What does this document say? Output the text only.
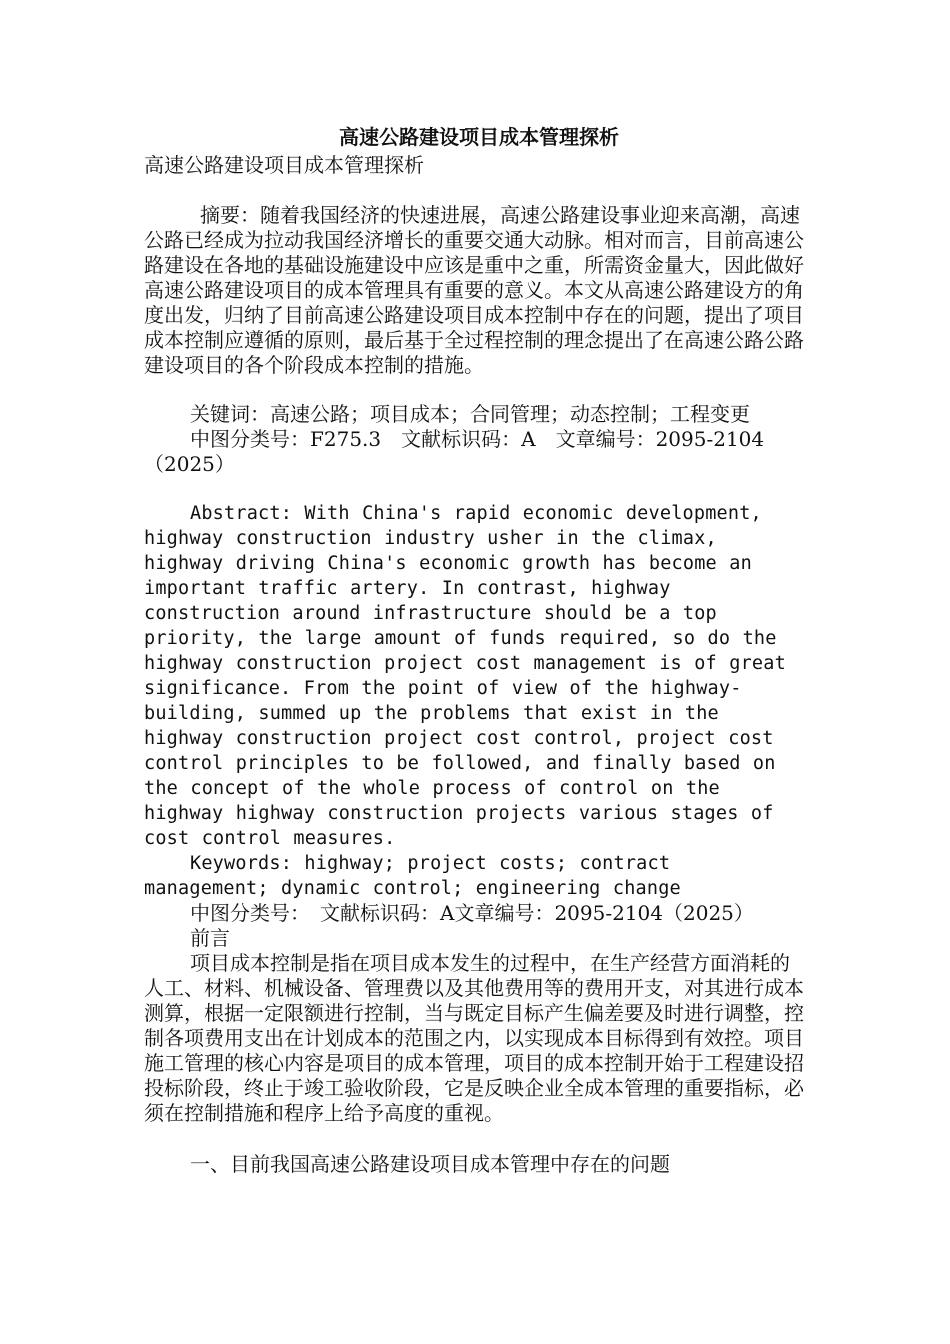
高速公路建设项目成本管理探析

高速公路建设项目成本管理探析

摘要：随着我国经济的快速进展，高速公路建设事业迎来高潮，高速公路已经成为拉动我国经济增长的重要交通大动脉。相对而言，目前高速公路建设在各地的基础设施建设中应该是重中之重，所需资金量大，因此做好高速公路建设项目的成本管理具有重要的意义。本文从高速公路建设方的角度出发，归纳了目前高速公路建设项目成本控制中存在的问题，提出了项目成本控制应遵循的原则，最后基于全过程控制的理念提出了在高速公路公路建设项目的各个阶段成本控制的措施。

关键词：高速公路；项目成本；合同管理；动态控制；工程变更

中图分类号：F275.3　文献标识码：A　文章编号：2095-2104（2025）

Abstract: With China's rapid economic development, highway construction industry usher in the climax, highway driving China's economic growth has become an important traffic artery. In contrast, highway construction around infrastructure should be a top priority, the large amount of funds required, so do the highway construction project cost management is of great significance. From the point of view of the highway-building, summed up the problems that exist in the highway construction project cost control, project cost control principles to be followed, and finally based on the concept of the whole process of control on the highway highway construction projects various stages of cost control measures.

Keywords: highway; project costs; contract management; dynamic control; engineering change

中图分类号：　文献标识码：A文章编号：2095-2104（2025）

前言

项目成本控制是指在项目成本发生的过程中，在生产经营方面消耗的人工、材料、机械设备、管理费以及其他费用等的费用开支，对其进行成本测算，根据一定限额进行控制，当与既定目标产生偏差要及时进行调整，控制各项费用支出在计划成本的范围之内，以实现成本目标得到有效控。项目施工管理的核心内容是项目的成本管理，项目的成本控制开始于工程建设招投标阶段，终止于竣工验收阶段，它是反映企业全成本管理的重要指标，必须在控制措施和程序上给予高度的重视。

一、目前我国高速公路建设项目成本管理中存在的问题
